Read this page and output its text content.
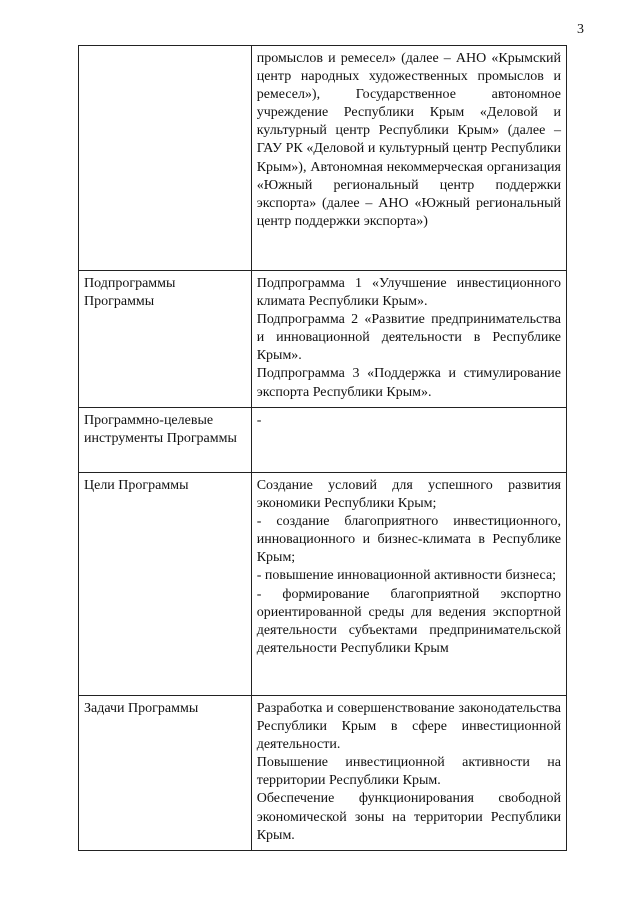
3

	промыслов и ремесел» (далее – АНО «Крымский центр народных художественных промыслов и ремесел»), Государственное автономное учреждение Республики Крым «Деловой и культурный центр Республики Крым» (далее – ГАУ РК «Деловой и культурный центр Республики Крым»), Автономная некоммерческая организация «Южный региональный центр поддержки экспорта» (далее – АНО «Южный региональный центр поддержки экспорта»)

Подпрограммы Программы	Подпрограмма 1 «Улучшение инвестиционного климата Республики Крым».

Подпрограмма 2 «Развитие предпринимательства и инновационной деятельности в Республике Крым».

Подпрограмма 3 «Поддержка и стимулирование экспорта Республики Крым».

Программно-целевые инструменты Программы	-

Цели Программы	Создание условий для успешного развития экономики Республики Крым;

- создание благоприятного инвестиционного, инновационного и бизнес-климата в Республике Крым;

- повышение инновационной активности бизнеса;

- формирование благоприятной экспортно ориентированной среды для ведения экспортной деятельности субъектами предпринимательской деятельности Республики Крым

Задачи Программы	Разработка и совершенствование законодательства Республики Крым в сфере инвестиционной деятельности.

Повышение инвестиционной активности на территории Республики Крым.

Обеспечение функционирования свободной экономической зоны на территории Республики Крым.
